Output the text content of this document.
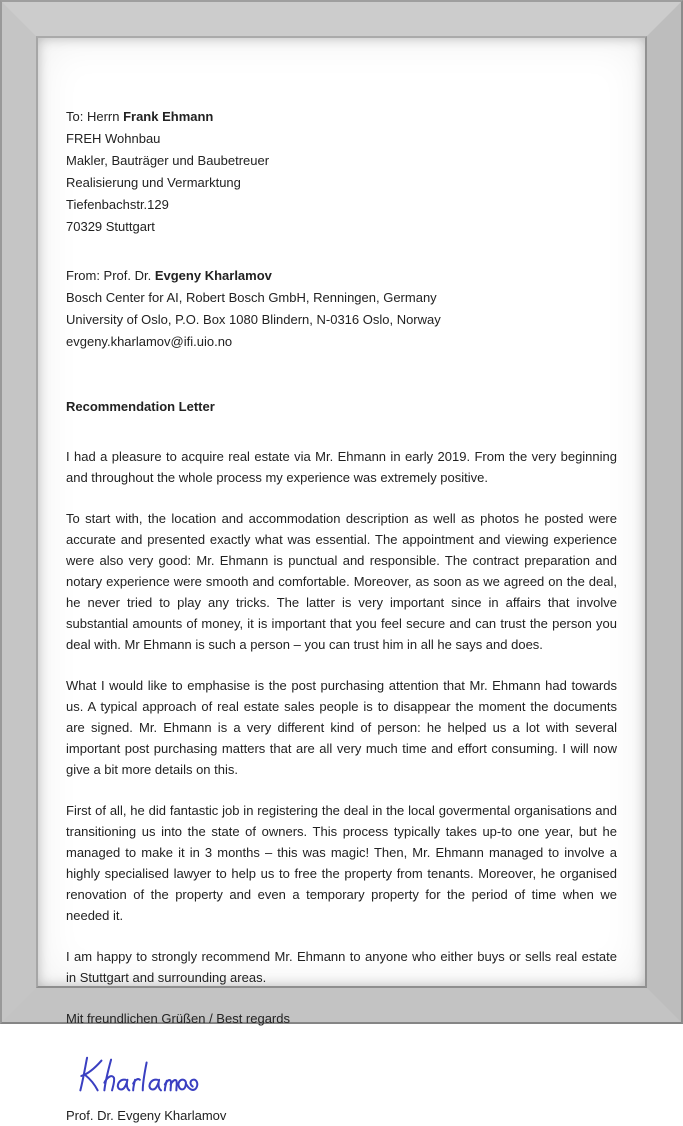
To: Herrn Frank Ehmann

FREH Wohnbau

Makler, Bauträger und Baubetreuer

Realisierung und Vermarktung

Tiefenbachstr.129

70329 Stuttgart

From: Prof. Dr. Evgeny Kharlamov

Bosch Center for AI, Robert Bosch GmbH, Renningen, Germany

University of Oslo, P.O. Box 1080 Blindern, N-0316 Oslo, Norway

evgeny.kharlamov@ifi.uio.no

Recommendation Letter

I had a pleasure to acquire real estate via Mr. Ehmann in early 2019. From the very beginning and throughout the whole process my experience was extremely positive.

To start with, the location and accommodation description as well as photos he posted were accurate and presented exactly what was essential. The appointment and viewing experience were also very good: Mr. Ehmann is punctual and responsible. The contract preparation and notary experience were smooth and comfortable. Moreover, as soon as we agreed on the deal, he never tried to play any tricks. The latter is very important since in affairs that involve substantial amounts of money, it is important that you feel secure and can trust the person you deal with. Mr Ehmann is such a person – you can trust him in all he says and does.

What I would like to emphasise is the post purchasing attention that Mr. Ehmann had towards us. A typical approach of real estate sales people is to disappear the moment the documents are signed. Mr. Ehmann is a very different kind of person: he helped us a lot with several important post purchasing matters that are all very much time and effort consuming. I will now give a bit more details on this.

First of all, he did fantastic job in registering the deal in the local govermental organisations and transitioning us into the state of owners. This process typically takes up-to one year, but he managed to make it in 3 months – this was magic! Then, Mr. Ehmann managed to involve a highly specialised lawyer to help us to free the property from tenants. Moreover, he organised renovation of the property and even a temporary property for the period of time when we needed it.

I am happy to strongly recommend Mr. Ehmann to anyone who either buys or sells real estate in Stuttgart and surrounding areas.

Mit freundlichen Grüßen / Best regards

Prof. Dr. Evgeny Kharlamov
